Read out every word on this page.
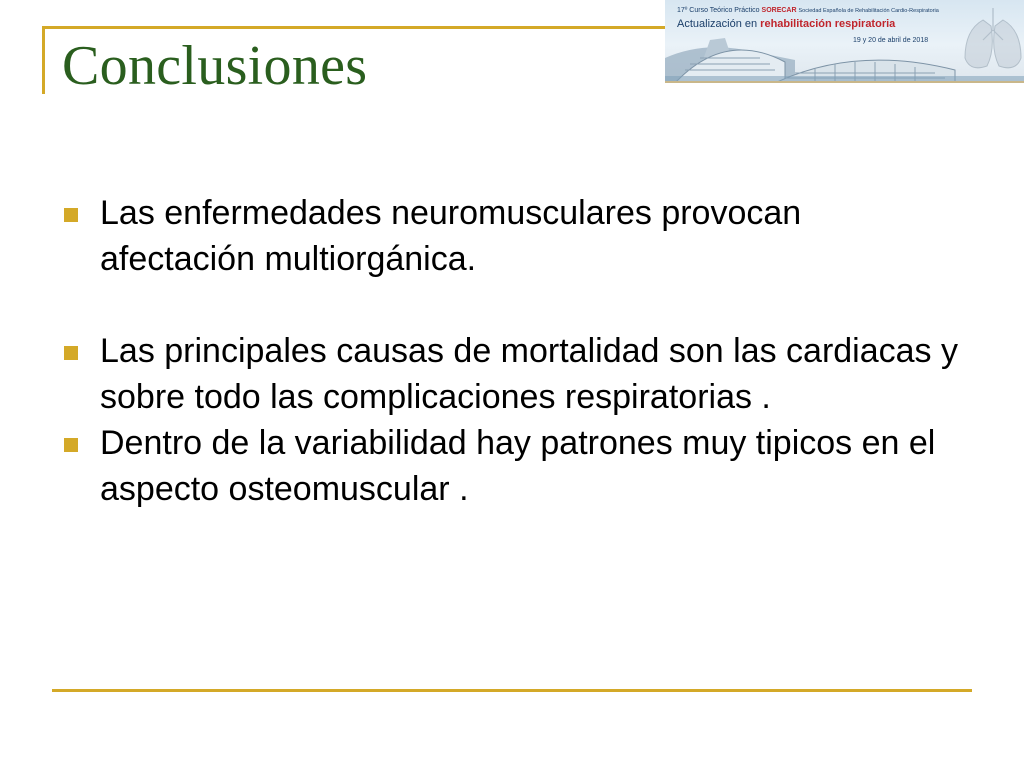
Conclusiones
17º Curso Teórico Práctico SORECAR Sociedad Española de Rehabilitación Cardio-Respiratoria
Actualización en rehabilitación respiratoria
19 y 20 de abril de 2018
Las enfermedades neuromusculares provocan afectación multiorgánica.
Las principales causas de mortalidad son las cardiacas y sobre todo las complicaciones respiratorias .
Dentro de la variabilidad hay patrones muy tipicos en el aspecto osteomuscular .
